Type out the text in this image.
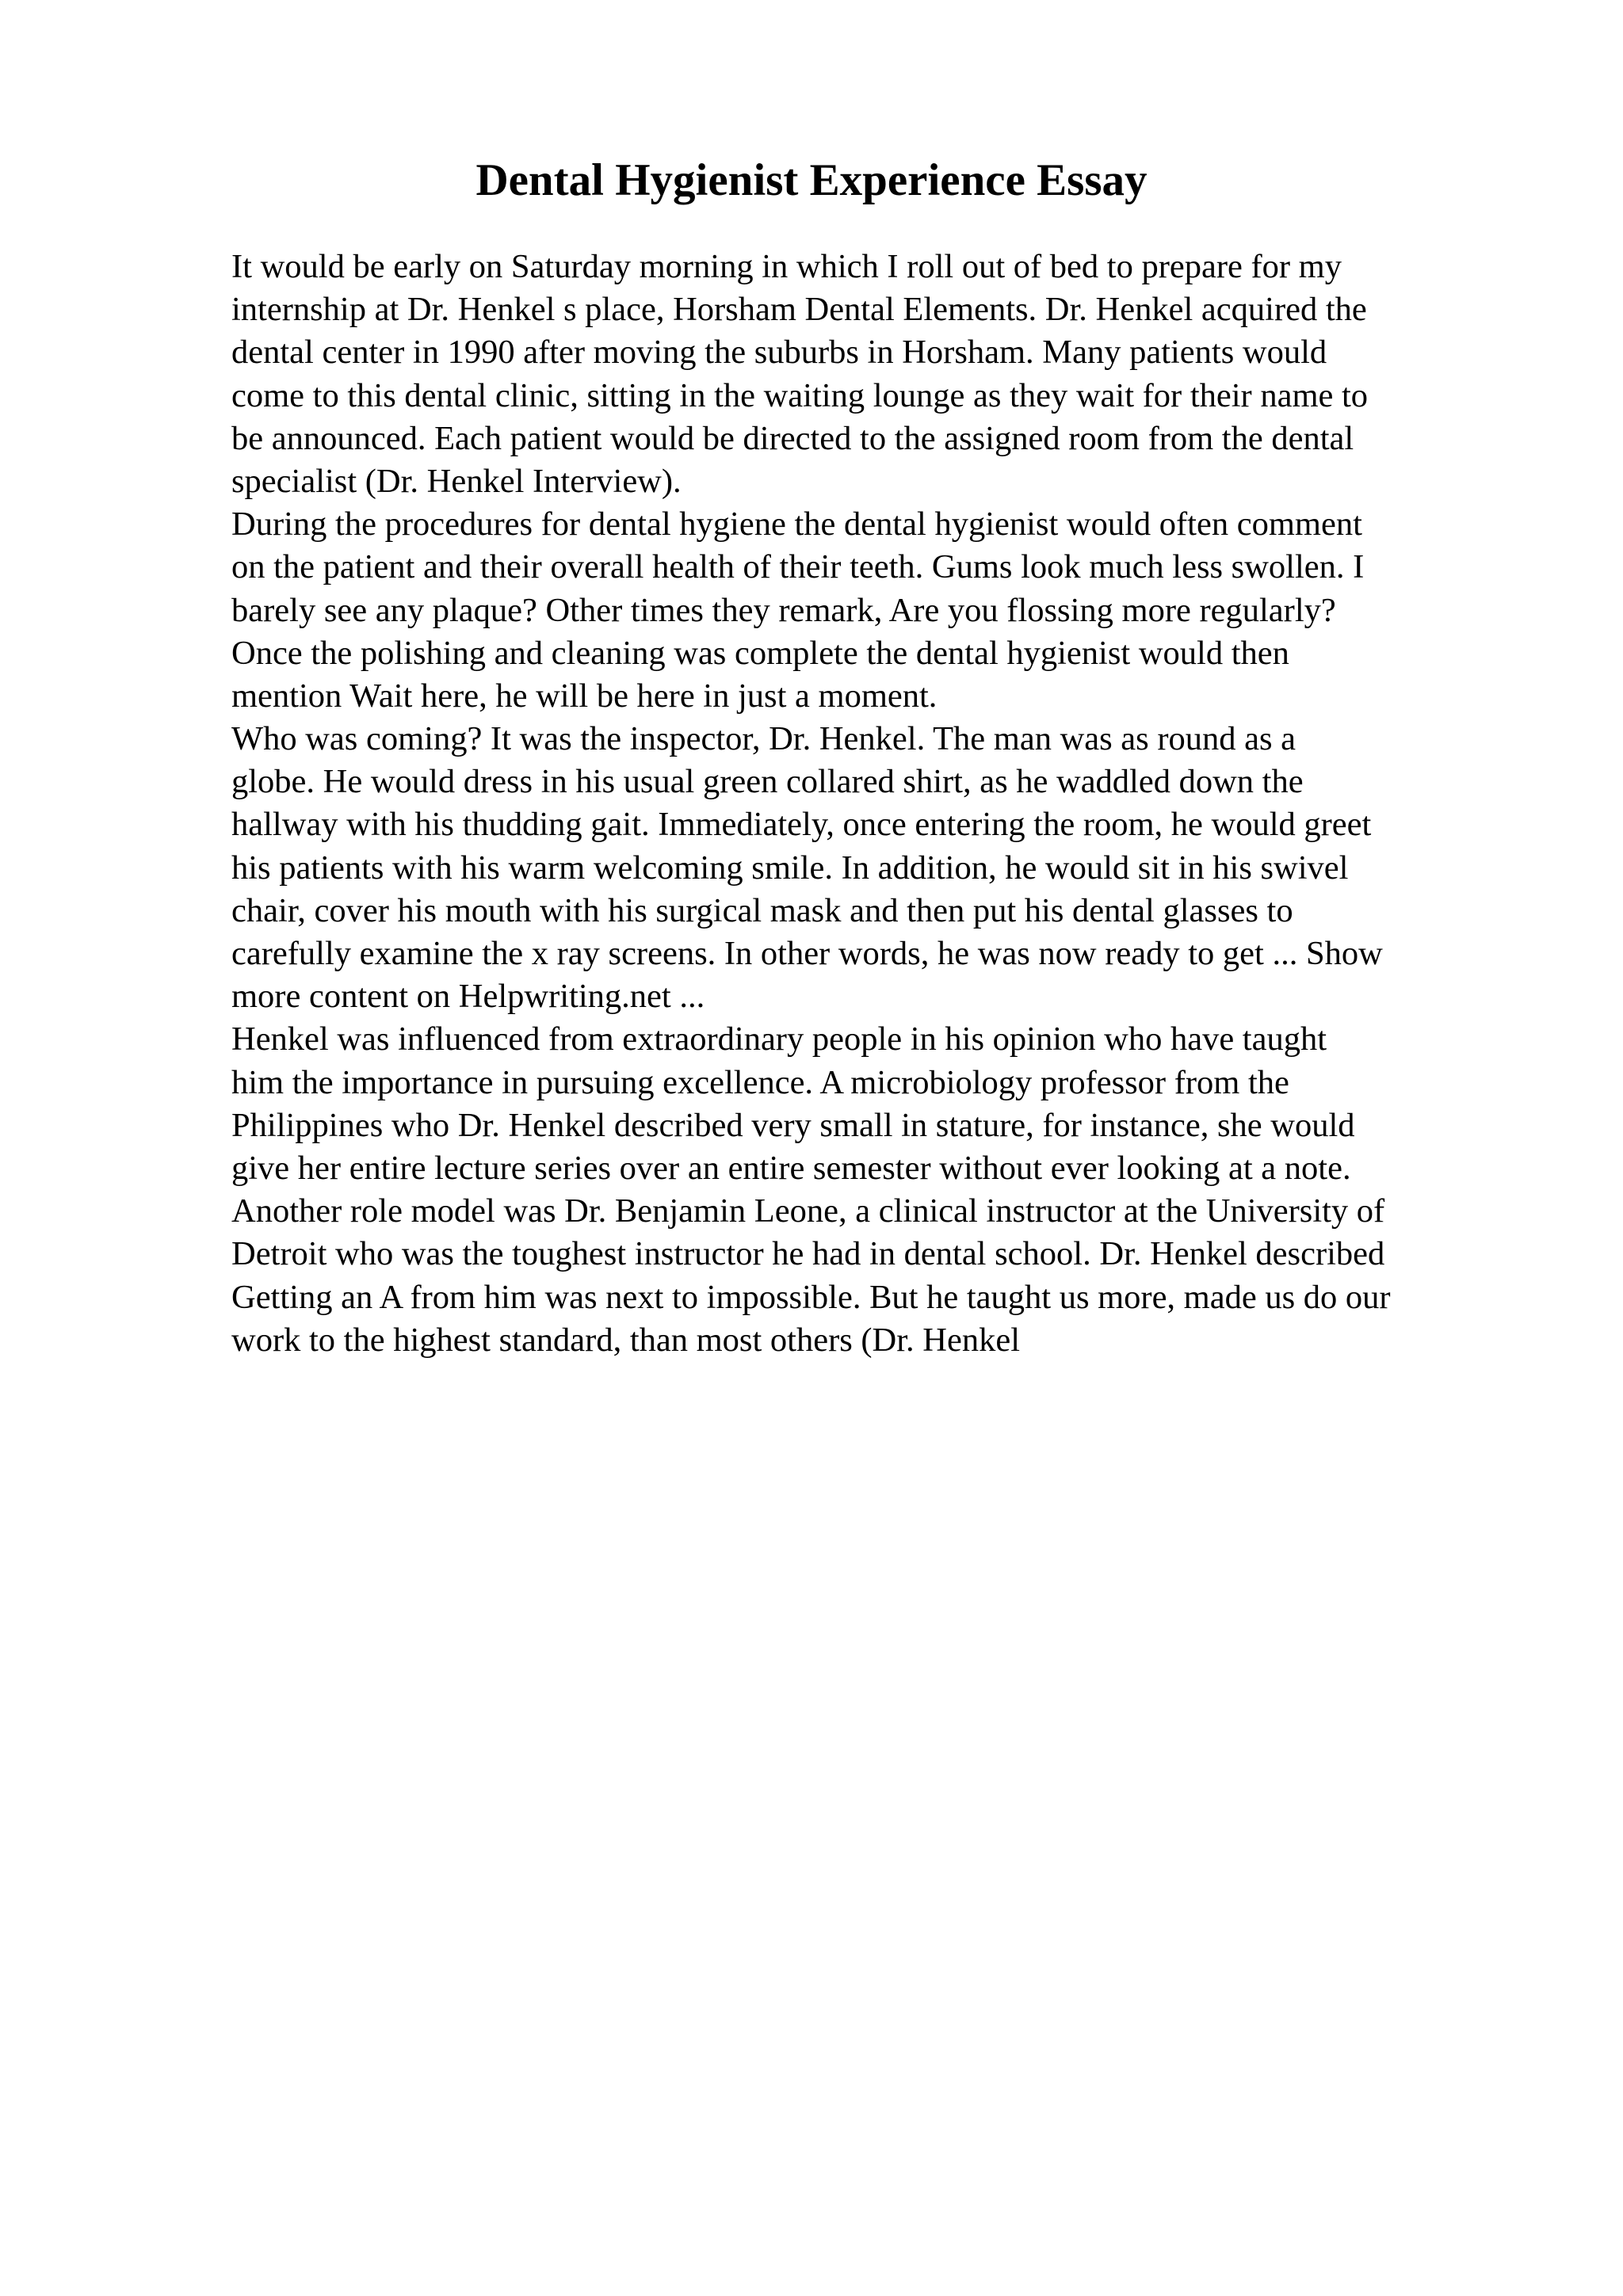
Dental Hygienist Experience Essay
It would be early on Saturday morning in which I roll out of bed to prepare for my
internship at Dr. Henkel s place, Horsham Dental Elements. Dr. Henkel acquired the
dental center in 1990 after moving the suburbs in Horsham. Many patients would
come to this dental clinic, sitting in the waiting lounge as they wait for their name to
be announced. Each patient would be directed to the assigned room from the dental
specialist (Dr. Henkel Interview).
During the procedures for dental hygiene the dental hygienist would often comment
on the patient and their overall health of their teeth. Gums look much less swollen. I
barely see any plaque? Other times they remark, Are you flossing more regularly?
Once the polishing and cleaning was complete the dental hygienist would then
mention Wait here, he will be here in just a moment.
Who was coming? It was the inspector, Dr. Henkel. The man was as round as a
globe. He would dress in his usual green collared shirt, as he waddled down the
hallway with his thudding gait. Immediately, once entering the room, he would greet
his patients with his warm welcoming smile. In addition, he would sit in his swivel
chair, cover his mouth with his surgical mask and then put his dental glasses to
carefully examine the x ray screens. In other words, he was now ready to get ... Show
more content on Helpwriting.net ...
Henkel was influenced from extraordinary people in his opinion who have taught
him the importance in pursuing excellence. A microbiology professor from the
Philippines who Dr. Henkel described very small in stature, for instance, she would
give her entire lecture series over an entire semester without ever looking at a note.
Another role model was Dr. Benjamin Leone, a clinical instructor at the University of
Detroit who was the toughest instructor he had in dental school. Dr. Henkel described
Getting an A from him was next to impossible. But he taught us more, made us do our
work to the highest standard, than most others (Dr. Henkel
